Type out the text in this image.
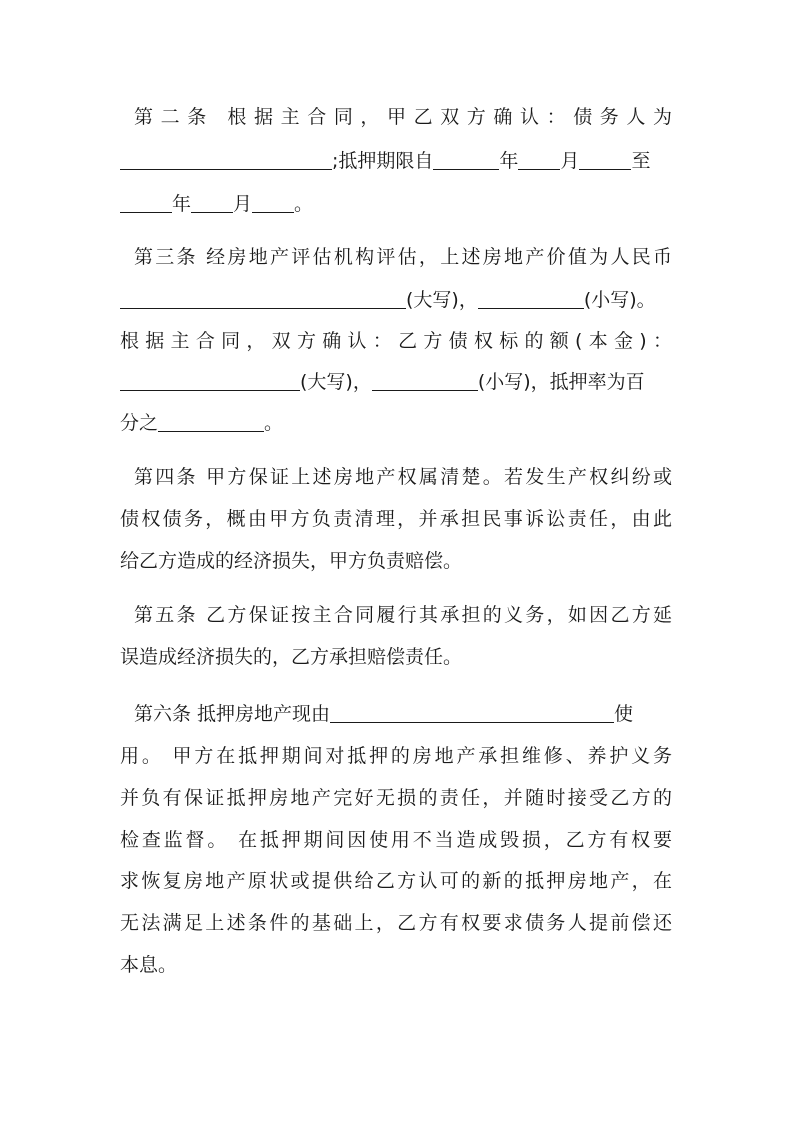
第二条 根据主合同，甲乙双方确认：债务人为
;抵押期限自	年 月	至
年 月 。
第三条 经房地产评估机构评估，上述房地产价值为人民币
(大写)，	(小写)。
根据主合同，双方确认：乙方债权标的额(本金)：
(大写)，	(小写)，抵押率为百
分之	。
第四条 甲方保证上述房地产权属清楚。若发生产权纠纷或
债权债务，概由甲方负责清理，并承担民事诉讼责任，由此
给乙方造成的经济损失，甲方负责赔偿。
第五条 乙方保证按主合同履行其承担的义务，如因乙方延
误造成经济损失的，乙方承担赔偿责任。
第六条 抵押房地产现由	使
用。 甲方在抵押期间对抵押的房地产承担维修、养护义务
并负有保证抵押房地产完好无损的责任，并随时接受乙方的
检查监督。 在抵押期间因使用不当造成毁损，乙方有权要
求恢复房地产原状或提供给乙方认可的新的抵押房地产，在
无法满足上述条件的基础上，乙方有权要求债务人提前偿还
本息。
